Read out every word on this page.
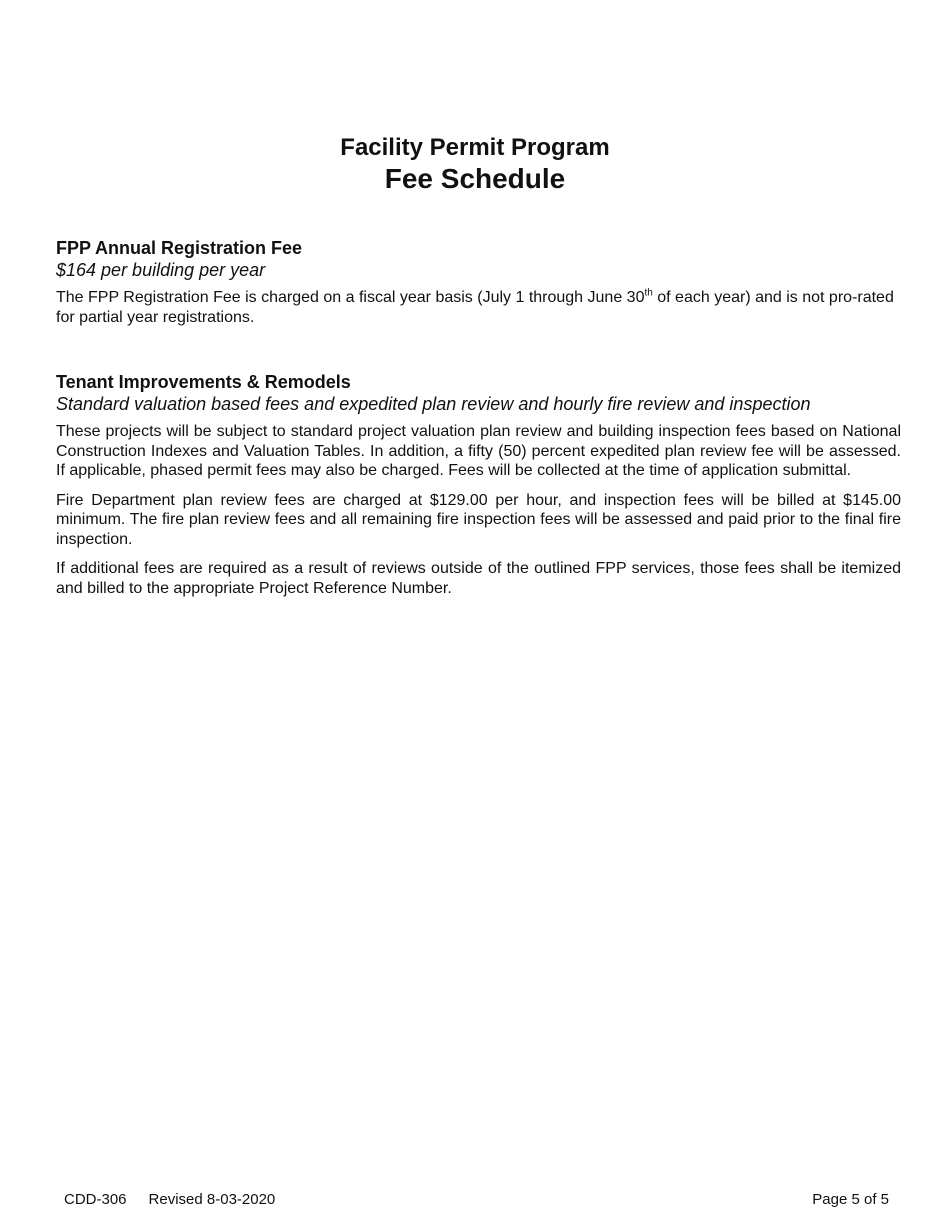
Facility Permit Program

Fee Schedule

FPP Annual Registration Fee

$164 per building per year

The FPP Registration Fee is charged on a fiscal year basis (July 1 through June 30th of each year) and is not pro-rated for partial year registrations.

Tenant Improvements & Remodels

Standard valuation based fees and expedited plan review and hourly fire review and inspection

These projects will be subject to standard project valuation plan review and building inspection fees based on National Construction Indexes and Valuation Tables. In addition, a fifty (50) percent expedited plan review fee will be assessed. If applicable, phased permit fees may also be charged. Fees will be collected at the time of application submittal.

Fire Department plan review fees are charged at $129.00 per hour, and inspection fees will be billed at $145.00 minimum. The fire plan review fees and all remaining fire inspection fees will be assessed and paid prior to the final fire inspection.

If additional fees are required as a result of reviews outside of the outlined FPP services, those fees shall be itemized and billed to the appropriate Project Reference Number.

CDD-306 Revised 8-03-2020	Page 5 of 5
